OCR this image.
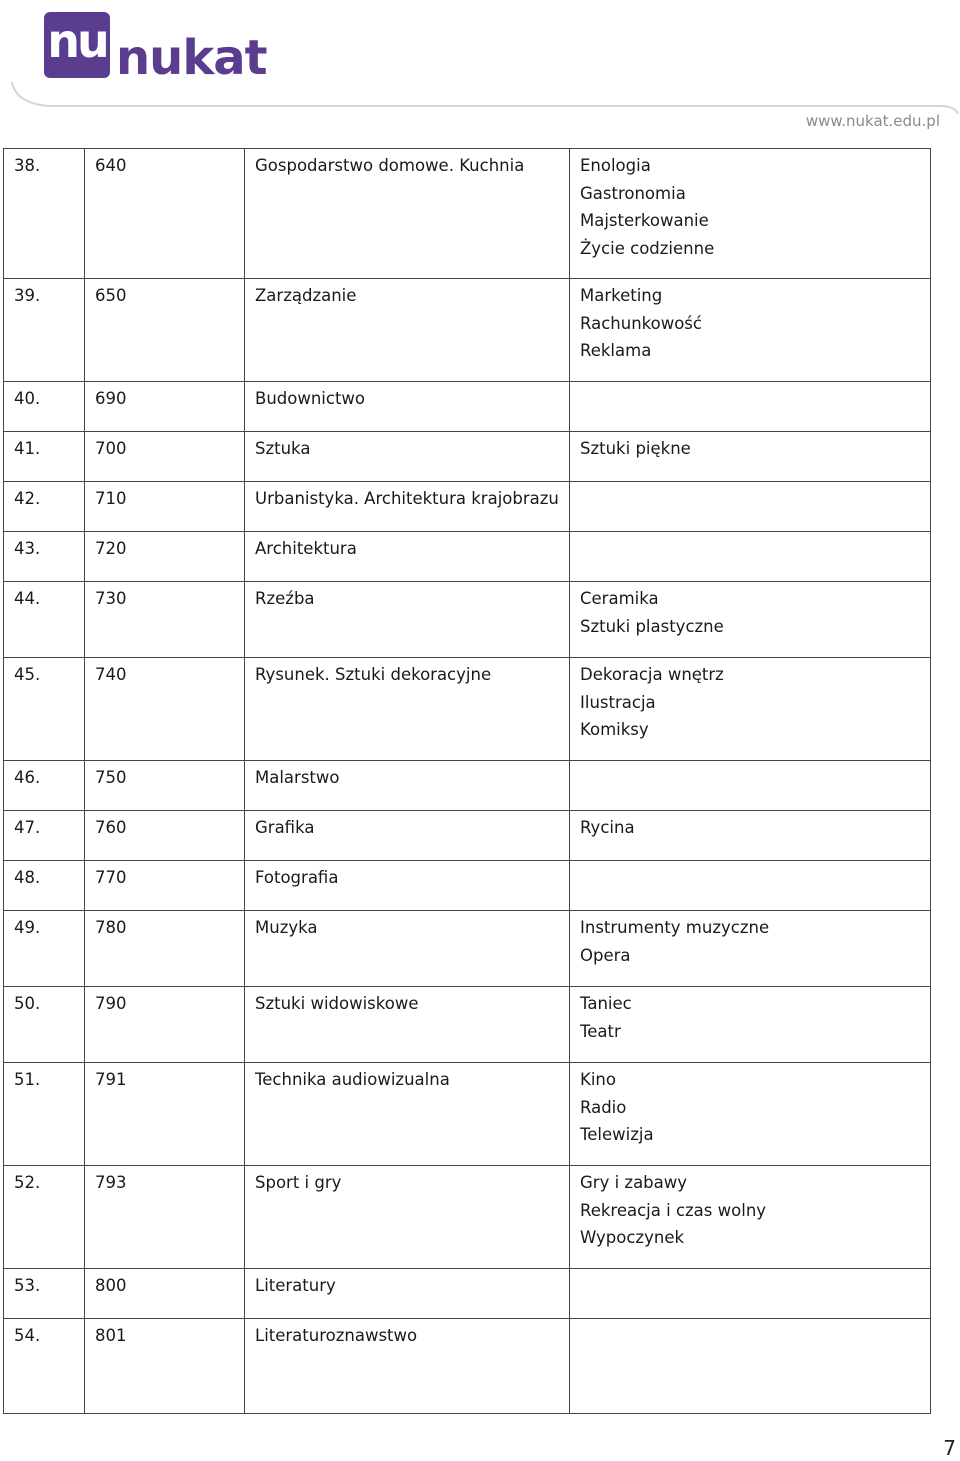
nu nukat
www.nukat.edu.pl
38.	640	Gospodarstwo domowe. Kuchnia	Enologia
Gastronomia
Majsterkowanie
Życie codzienne

39.	650	Zarządzanie	Marketing
Rachunkowość
Reklama

40.	690	Budownictwo	
41.	700	Sztuka	Sztuki piękne

42.	710	Urbanistyka. Architektura krajobrazu	
43.	720	Architektura	
44.	730	Rzeźba	Ceramika
Sztuki plastyczne

45.	740	Rysunek. Sztuki dekoracyjne	Dekoracja wnętrz
Ilustracja
Komiksy

46.	750	Malarstwo	
47.	760	Grafika	Rycina

48.	770	Fotografia	
49.	780	Muzyka	Instrumenty muzyczne
Opera

50.	790	Sztuki widowiskowe	Taniec
Teatr

51.	791	Technika audiowizualna	Kino
Radio
Telewizja

52.	793	Sport i gry	Gry i zabawy
Rekreacja i czas wolny
Wypoczynek

53.	800	Literatury	
54.	801	Literaturoznawstwo	
7
